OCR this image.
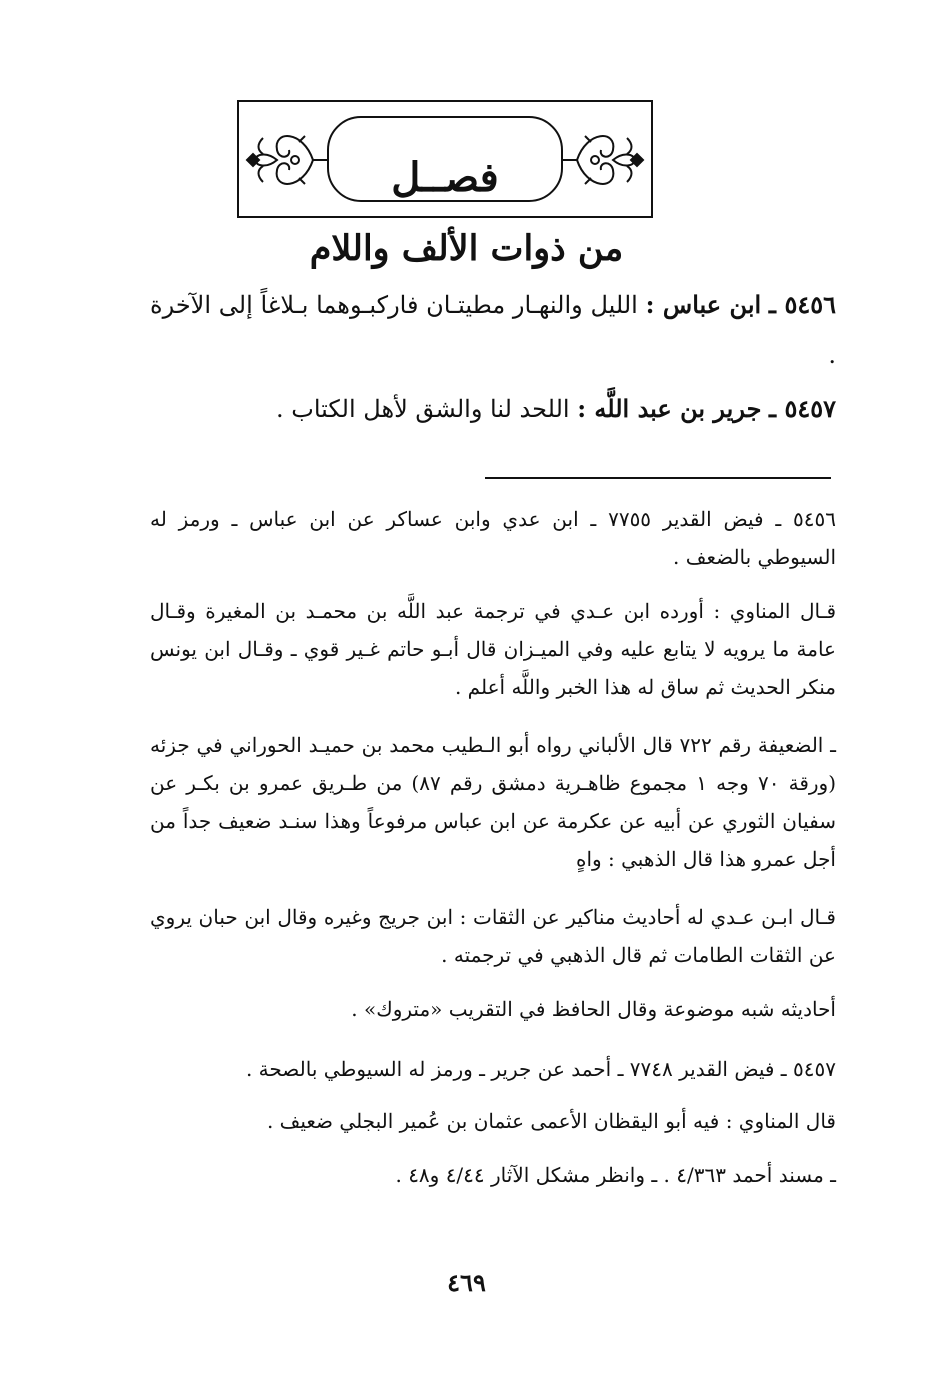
فصــل
من ذوات الألف واللام
٥٤٥٦ ـ ابن عباس : الليل والنهـار مطيتـان فاركبـوهما بـلاغاً إلى الآخرة .
٥٤٥٧ ـ جرير بن عبد اللَّه : اللحد لنا والشق لأهل الكتاب .
٥٤٥٦ ـ فيض القدير ٧٧٥٥ ـ ابن عدي وابن عساكر عن ابن عباس ـ ورمز له السيوطي بالضعف .
قـال المناوي : أورده ابن عـدي في ترجمة عبد اللَّه بن محمـد بن المغيرة وقـال عامة ما يرويه لا يتابع عليه وفي الميـزان قال أبـو حاتم غـير قوي ـ وقـال ابن يونس منكر الحديث ثم ساق له هذا الخبر واللَّه أعلم .
ـ الضعيفة رقم ٧٢٢ قال الألباني رواه أبو الـطيب محمد بن حميـد الحوراني في جزئه (ورقة ٧٠ وجه ١ مجموع ظاهـرية دمشق رقم ٨٧) من طـريق عمرو بن بكـر عن سفيان الثوري عن أبيه عن عكرمة عن ابن عباس مرفوعاً وهذا سنـد ضعيف جداً من أجل عمرو هذا قال الذهبي : واهٍ
قـال ابـن عـدي له أحاديث مناكير عن الثقات : ابن جريج وغيره وقال ابن حبان يروي عن الثقات الطامات ثم قال الذهبي في ترجمته .
أحاديثه شبه موضوعة وقال الحافظ في التقريب «متروك» .
٥٤٥٧ ـ فيض القدير ٧٧٤٨ ـ أحمد عن جرير ـ ورمز له السيوطي بالصحة .
قال المناوي : فيه أبو اليقظان الأعمى عثمان بن عُمير البجلي ضعيف .
ـ مسند أحمد ٤/٣٦٣ . ـ وانظر مشكل الآثار ٤/٤٤ و٤٨ .
٤٦٩
